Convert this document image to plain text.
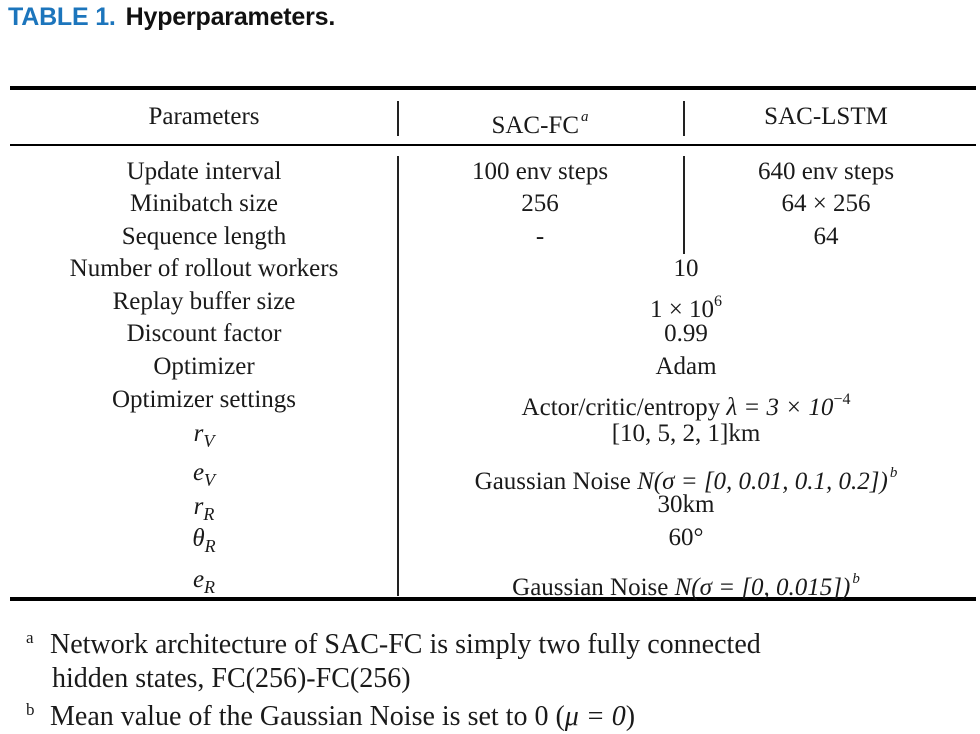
TABLE 1. Hyperparameters.
Parameters	SAC-FC $^a$	SAC-LSTM
Update interval	100 env steps	640 env steps
Minibatch size	256	64 × 256
Sequence length	-	64
Number of rollout workers	10
Replay buffer size	$1 \times 10^6$
Discount factor	0.99
Optimizer	Adam
Optimizer settings	Actor/critic/entropy $\lambda = 3 \times 10^{-4}$
$r_V$	[10, 5, 2, 1]km
$e_V$	Gaussian Noise N(σ = [0, 0.01, 0.1, 0.2]) $^b$
$r_R$	30km
$\theta_R$	60°
$e_R$	Gaussian Noise N(σ = [0, 0.015]) $^b$
a Network architecture of SAC-FC is simply two fully connected
hidden states, FC(256)-FC(256)
b Mean value of the Gaussian Noise is set to 0 (μ = 0)
